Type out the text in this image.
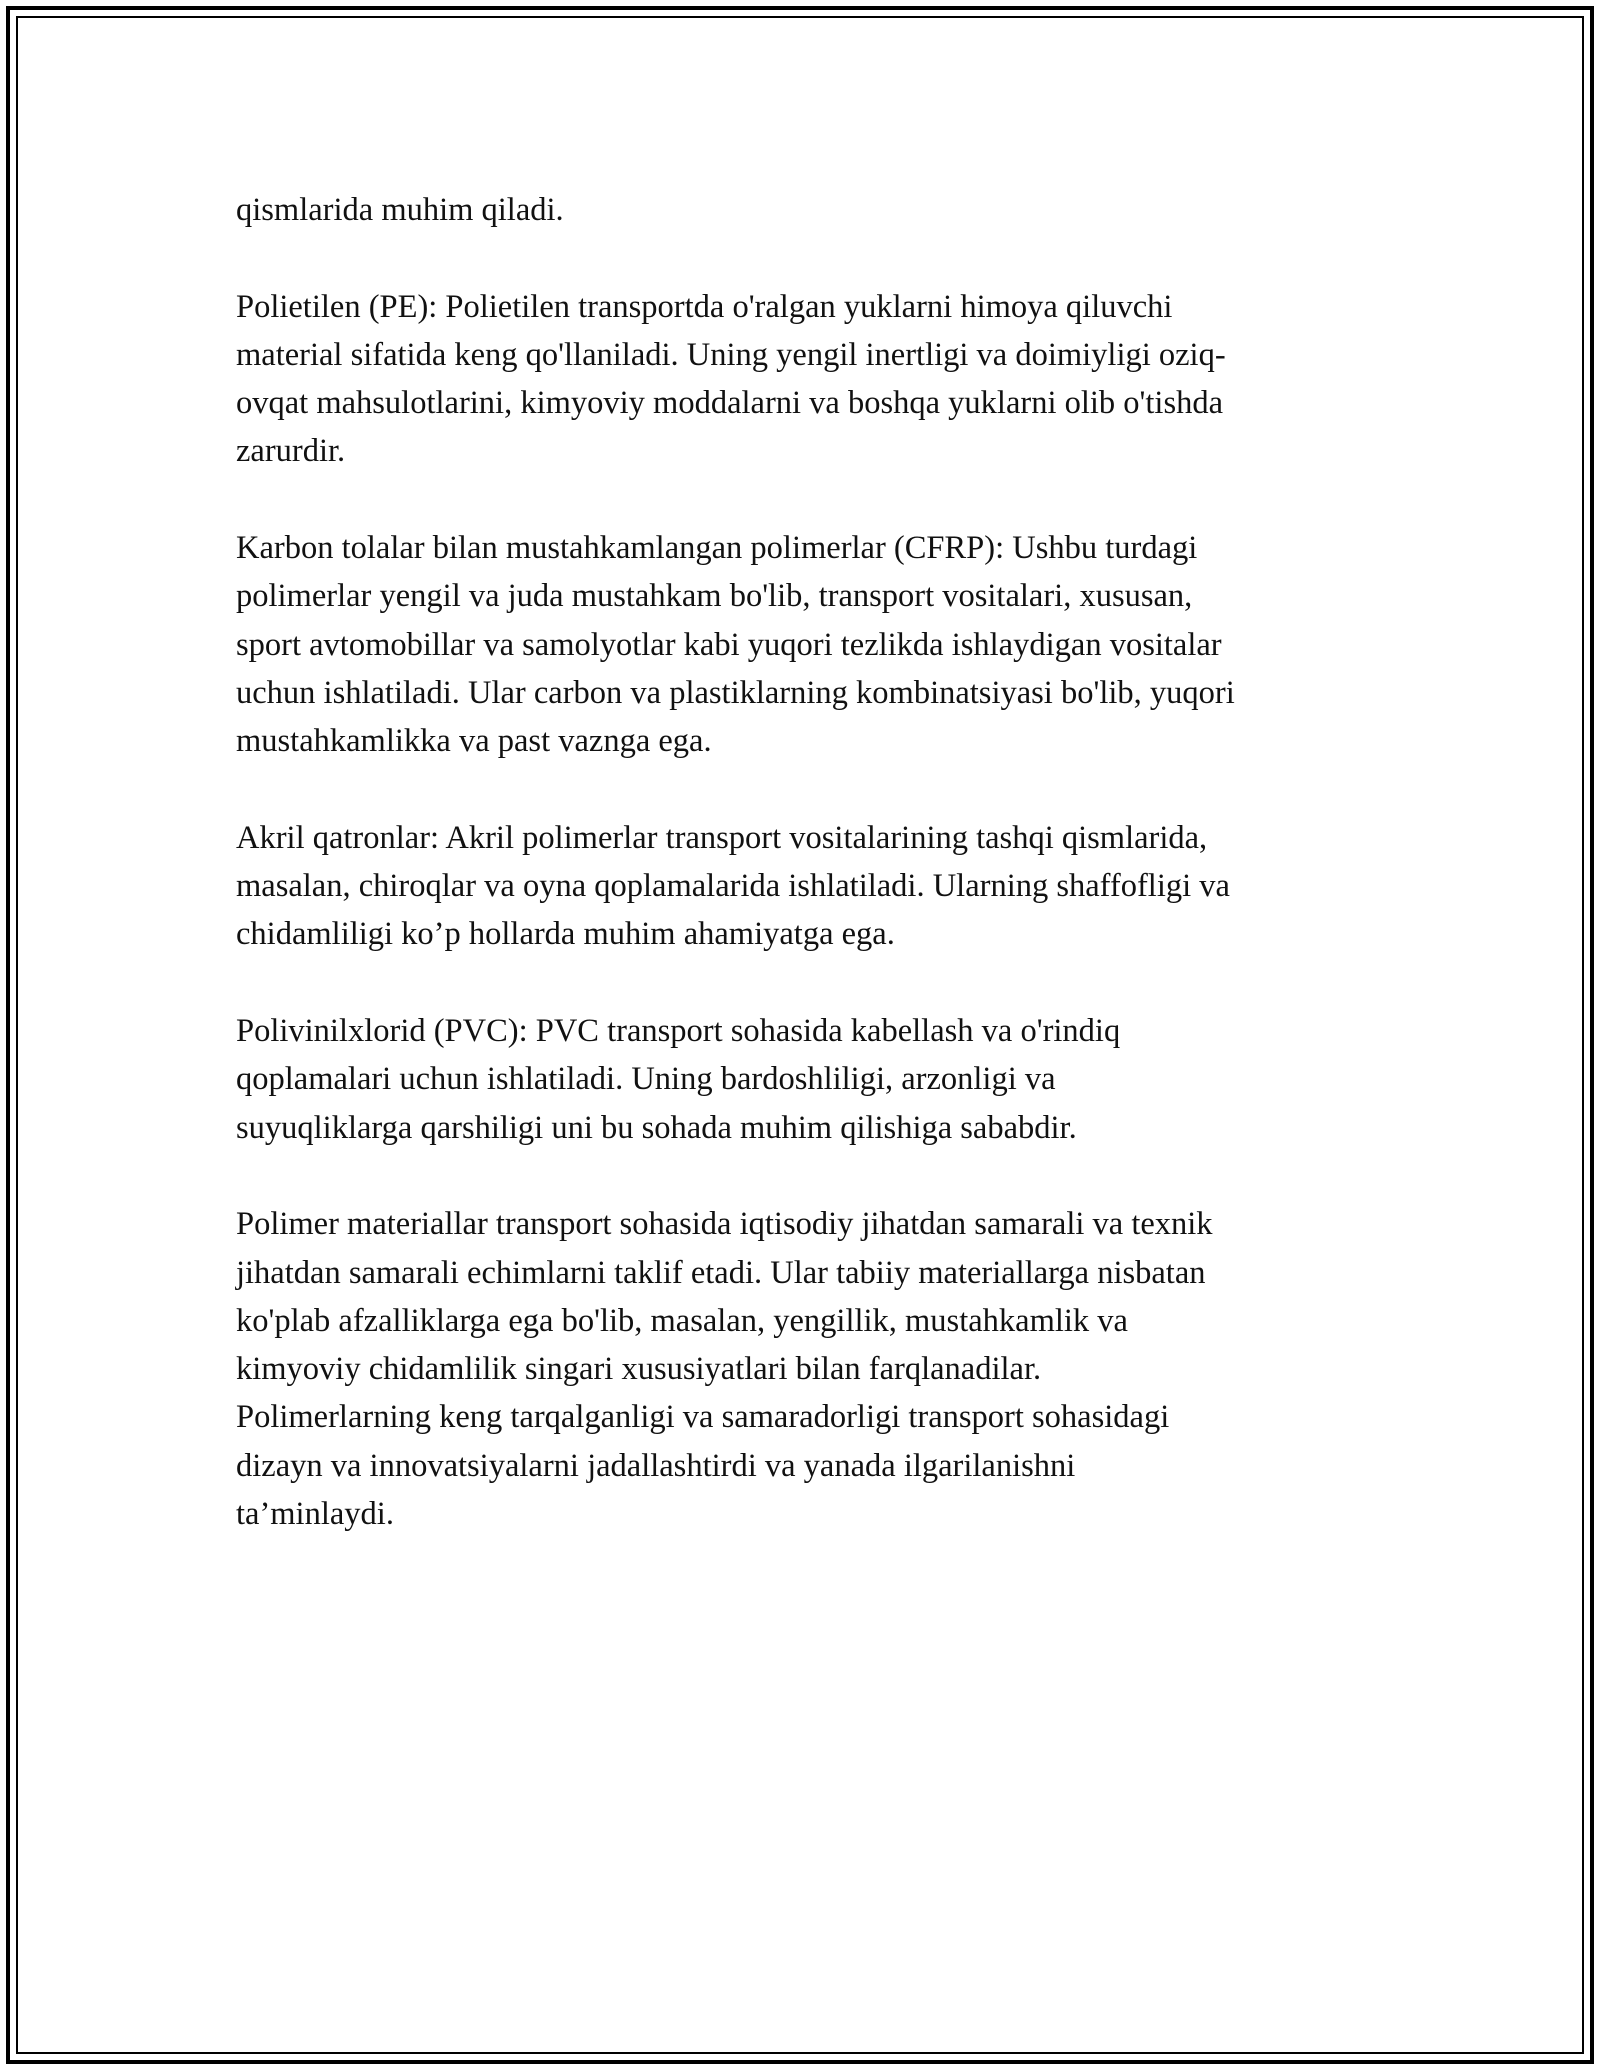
qismlarida muhim qiladi.

Polietilen (PE): Polietilen transportda o'ralgan yuklarni himoya qiluvchi
material sifatida keng qo'llaniladi. Uning yengil inertligi va doimiyligi oziq-
ovqat mahsulotlarini, kimyoviy moddalarni va boshqa yuklarni olib o'tishda
zarurdir.

Karbon tolalar bilan mustahkamlangan polimerlar (CFRP): Ushbu turdagi
polimerlar yengil va juda mustahkam bo'lib, transport vositalari, xususan,
sport avtomobillar va samolyotlar kabi yuqori tezlikda ishlaydigan vositalar
uchun ishlatiladi. Ular carbon va plastiklarning kombinatsiyasi bo'lib, yuqori
mustahkamlikka va past vaznga ega.

Akril qatronlar: Akril polimerlar transport vositalarining tashqi qismlarida,
masalan, chiroqlar va oyna qoplamalarida ishlatiladi. Ularning shaffofligi va
chidamliligi ko’p hollarda muhim ahamiyatga ega.

Polivinilxlorid (PVC): PVC transport sohasida kabellash va o'rindiq
qoplamalari uchun ishlatiladi. Uning bardoshliligi, arzonligi va
suyuqliklarga qarshiligi uni bu sohada muhim qilishiga sababdir.

Polimer materiallar transport sohasida iqtisodiy jihatdan samarali va texnik
jihatdan samarali echimlarni taklif etadi. Ular tabiiy materiallarga nisbatan
ko'plab afzalliklarga ega bo'lib, masalan, yengillik, mustahkamlik va
kimyoviy chidamlilik singari xususiyatlari bilan farqlanadilar.
Polimerlarning keng tarqalganligi va samaradorligi transport sohasidagi
dizayn va innovatsiyalarni jadallashtirdi va yanada ilgarilanishni
ta’minlaydi.
